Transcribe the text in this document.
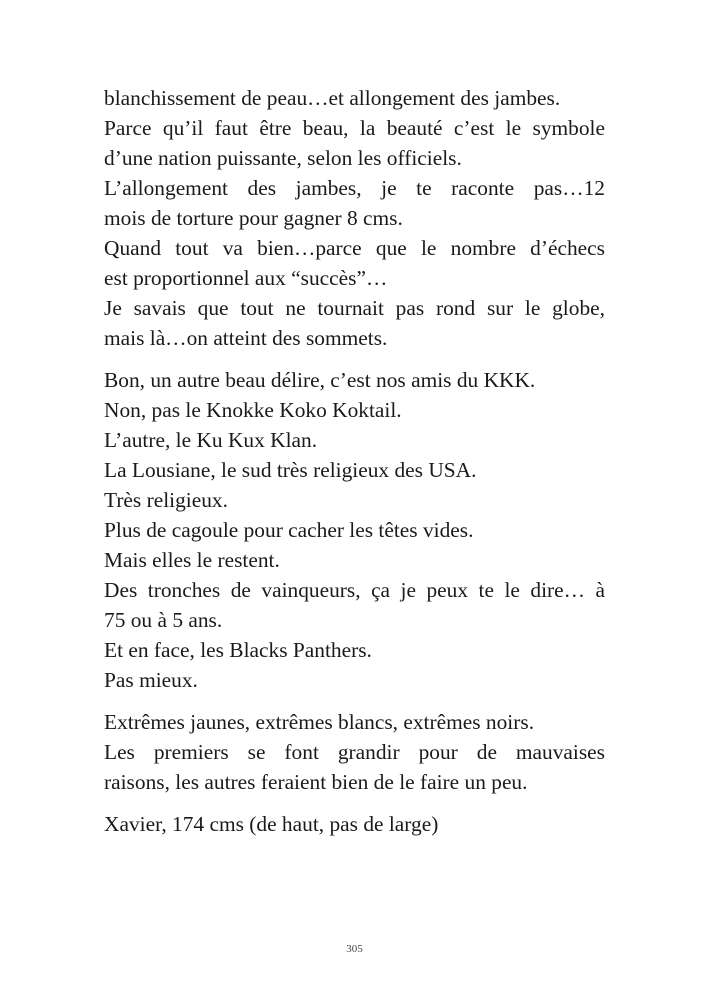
blanchissement de peau…et allongement des jambes.
Parce qu’il faut être beau, la beauté c’est le symbole
d’une nation puissante, selon les officiels.
L’allongement des jambes, je te raconte pas…12
mois de torture pour gagner 8 cms.
Quand tout va bien…parce que le nombre d’échecs
est proportionnel aux “succès”…
Je savais que tout ne tournait pas rond sur le globe,
mais là…on atteint des sommets.
Bon, un autre beau délire, c’est nos amis du KKK.
Non, pas le Knokke Koko Koktail.
L’autre, le Ku Kux Klan.
La Lousiane, le sud très religieux des USA.
Très religieux.
Plus de cagoule pour cacher les têtes vides.
Mais elles le restent.
Des tronches de vainqueurs, ça je peux te le dire… à
75 ou à 5 ans.
Et en face, les Blacks Panthers.
Pas mieux.
Extrêmes jaunes, extrêmes blancs, extrêmes noirs.
Les premiers se font grandir pour de mauvaises
raisons, les autres feraient bien de le faire un peu.
Xavier, 174 cms (de haut, pas de large)
305
